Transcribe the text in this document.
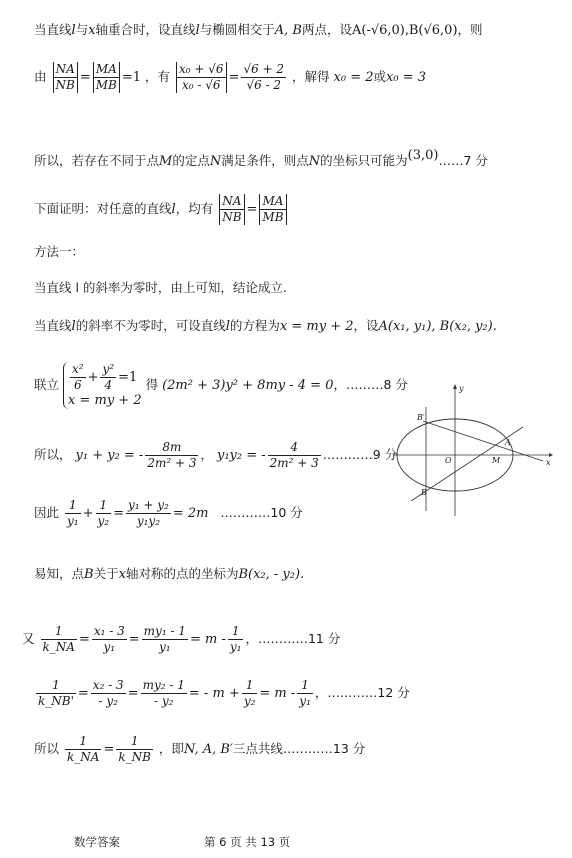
当直线l与x轴重合时，设直线l与椭圆相交于A, B两点，设A(-√6,0),B(√6,0)，则
由 $\frac{NA}{NB} = \frac{MA}{MB} =1$ ，有 $\frac{\text{x₀ + √6}}{\text{x₀ - √6}} = \frac{√6 + 2}{√6 - 2}$ ，解得 x₀ = 2或x₀ = 3
所以，若存在不同于点M的定点N满足条件，则点N的坐标只可能为(3,0)……7 分
下面证明：对任意的直线l，均有 $\frac{NA}{NB} = \frac{MA}{MB}$
方法一：
当直线 l 的斜率为零时，由上可知，结论成立.
当直线l的斜率不为零时，可设直线l的方程为x = my + 2，设A(x₁, y₁), B(x₂, y₂).
联立 $\frac{\text{x²}}{6} + \frac{\text{y²}}{4} =1$
x = my + 2
得 (2m² + 3)y² + 8my - 4 = 0，………8 分	y
B′
A
O	M	x
B
所以， y₁ + y₂ = - $\frac{8m}{\text{2m² + 3}}$ ， y₁y₂ = - $\frac{4}{\text{2m² + 3}}$ …………9 分
因此 $\frac{1}{\text{y₁}} + \frac{1}{\text{y₂}} = \frac{\text{y₁ + y₂}}{\text{y₁y₂}} = 2m$ …………10 分
易知，点B关于x轴对称的点的坐标为B(x₂, - y₂).
又 $\frac{1}{k\_NA} = \frac{\text{x₁ - 3}}{\text{y₁}} = \frac{\text{my₁ - 1}}{\text{y₁}} = m - \frac{1}{\text{y₁}}$ ，…………11 分
$\frac{1}{k\_NB'} = \frac{\text{x₂ - 3}}{\text{- y₂}} = \frac{\text{my₂ - 1}}{\text{- y₂}}$ = - $m + \frac{1}{\text{y₂}} = m - \frac{1}{\text{y₁}}$ ，…………12 分
所以 $\frac{1}{k\_NA} = \frac{1}{k\_NB}$ ，即N, A, B′三点共线…………13 分
数学答案	第 6 页 共 13 页
